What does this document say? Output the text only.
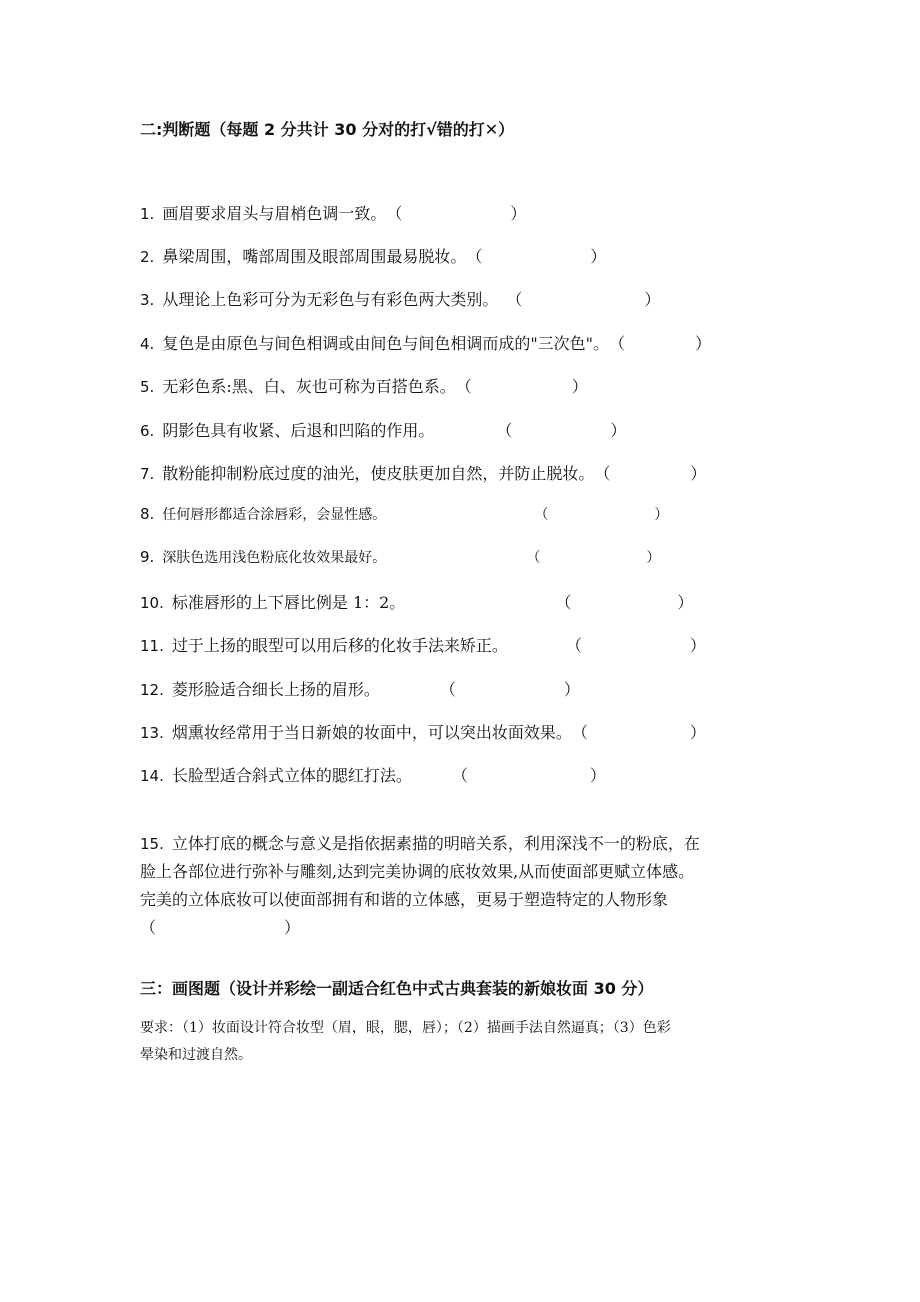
二:判断题（每题 2 分共计 30 分对的打√错的打✕）
1. 画眉要求眉头与眉梢色调一致。 （	）
2. 鼻梁周围，嘴部周围及眼部周围最易脱妆。 （	）
3. 从理论上色彩可分为无彩色与有彩色两大类别。 （	）
4. 复色是由原色与间色相调或由间色与间色相调而成的"三次色"。 （	）
5. 无彩色系:黑、白、灰也可称为百搭色系。 （	）
6. 阴影色具有收紧、后退和凹陷的作用。	（	）
7. 散粉能抑制粉底过度的油光，使皮肤更加自然，并防止脱妆。 （	）
8. 任何唇形都适合涂唇彩，会显性感。	（	）
9. 深肤色选用浅色粉底化妆效果最好。	（	）
10. 标准唇形的上下唇比例是 1：2。	（	）
11. 过于上扬的眼型可以用后移的化妆手法来矫正。	（	）
12. 菱形脸适合细长上扬的眉形。	（	）
13. 烟熏妆经常用于当日新娘的妆面中，可以突出妆面效果。 （	）
14. 长脸型适合斜式立体的腮红打法。	（	）
15. 立体打底的概念与意义是指依据素描的明暗关系，利用深浅不一的粉底，在
脸上各部位进行弥补与雕刻,达到完美协调的底妆效果,从而使面部更赋立体感。
完美的立体底妆可以使面部拥有和谐的立体感，更易于塑造特定的人物形象
（	）
三：画图题（设计并彩绘一副适合红色中式古典套装的新娘妆面 30 分）
要求：（1）妆面设计符合妆型（眉，眼，腮，唇）；（2）描画手法自然逼真；（3）色彩
晕染和过渡自然。
